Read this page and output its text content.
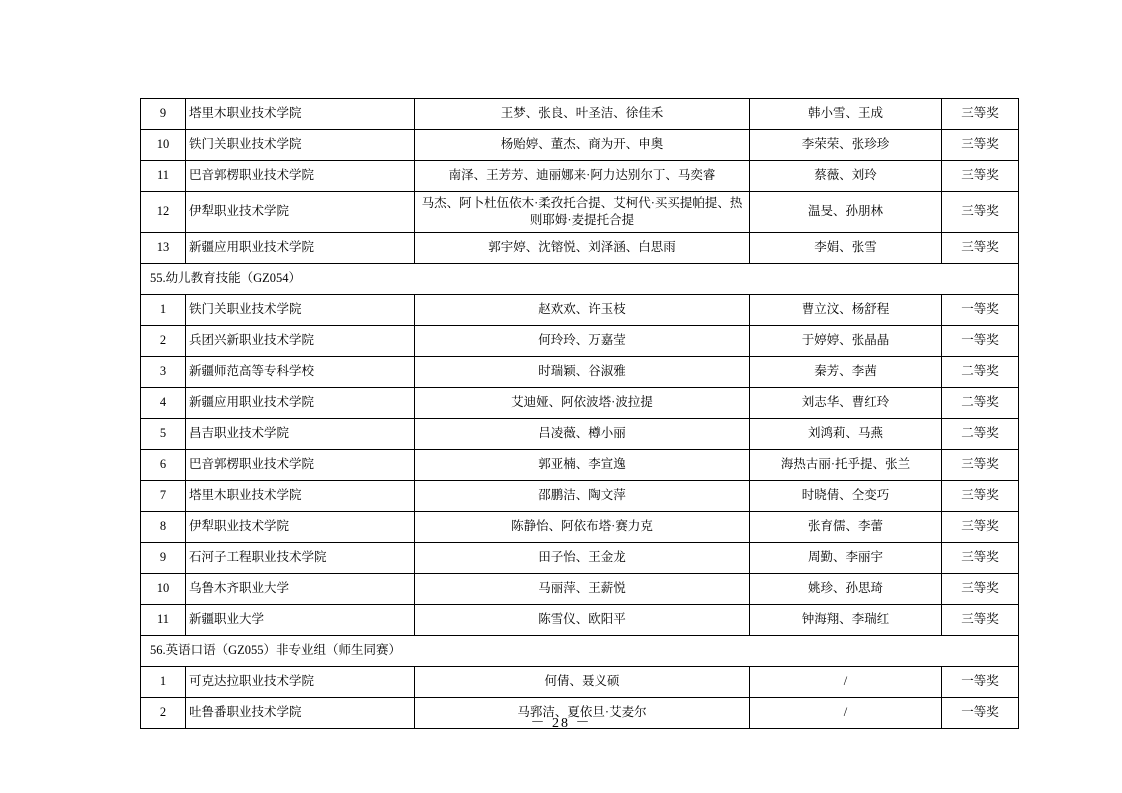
9	塔里木职业技术学院	王梦、张良、叶圣洁、徐佳禾	韩小雪、王成	三等奖
10	铁门关职业技术学院	杨贻婷、董杰、商为开、申奥	李荣荣、张珍珍	三等奖
11	巴音郭楞职业技术学院	南泽、王芳芳、迪丽娜来·阿力达别尔丁、马奕睿	蔡薇、刘玲	三等奖
12	伊犁职业技术学院	马杰、阿卜杜伍依木·柔孜托合提、艾柯代·买买提帕提、热则耶姆·麦提托合提	温旻、孙朋林	三等奖
13	新疆应用职业技术学院	郭宇婷、沈镕悦、刘泽涵、白思雨	李娟、张雪	三等奖
55.幼儿教育技能（GZ054）				
1	铁门关职业技术学院	赵欢欢、许玉枝	曹立汶、杨舒程	一等奖
2	兵团兴新职业技术学院	何玲玲、万嘉莹	于婷婷、张晶晶	一等奖
3	新疆师范高等专科学校	时瑞颖、谷淑雅	秦芳、李茜	二等奖
4	新疆应用职业技术学院	艾迪娅、阿依波塔·波拉提	刘志华、曹红玲	二等奖
5	昌吉职业技术学院	吕凌薇、樽小丽	刘鸿莉、马燕	二等奖
6	巴音郭楞职业技术学院	郭亚楠、李宣逸	海热古丽·托乎提、张兰	三等奖
7	塔里木职业技术学院	邵鹏洁、陶文萍	时晓倩、仝变巧	三等奖
8	伊犁职业技术学院	陈静怡、阿依布塔·赛力克	张育儒、李蕾	三等奖
9	石河子工程职业技术学院	田子怡、王金龙	周勤、李丽宇	三等奖
10	乌鲁木齐职业大学	马丽萍、王薪悦	姚珍、孙思琦	三等奖
11	新疆职业大学	陈雪仪、欧阳平	钟海翔、李瑞红	三等奖
56.英语口语（GZ055）非专业组（师生同赛）				
1	可克达拉职业技术学院	何倩、聂义硕	/	一等奖
2	吐鲁番职业技术学院	马郛洁、夏依旦·艾麦尔	/	一等奖
－ 28 －
